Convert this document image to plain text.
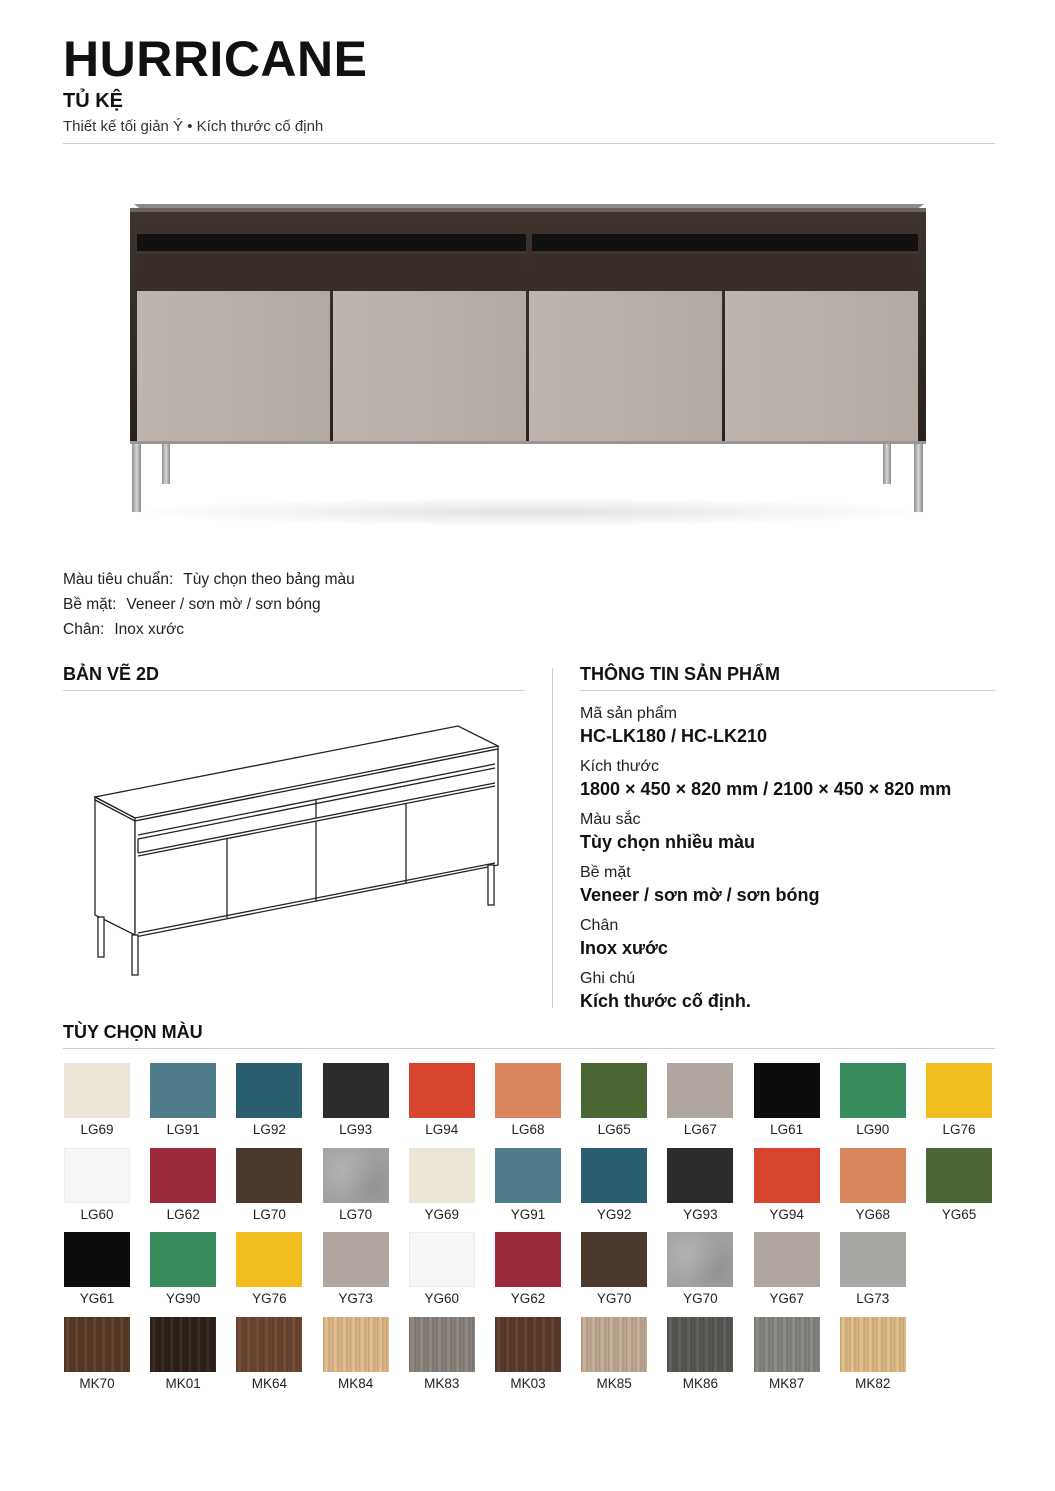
HURRICANE
TỦ KỆ
Thiết kế tối giản Ý • Kích thước cố định
Màu tiêu chuẩn: Tùy chọn theo bảng màu
Bề mặt: Veneer / sơn mờ / sơn bóng
Chân: Inox xước
BẢN VẼ 2D	THÔNG TIN SẢN PHẨM
Mã sản phẩm
HC-LK180 / HC-LK210
Kích thước
1800 × 450 × 820 mm / 2100 × 450 × 820 mm
Màu sắc
Tùy chọn nhiều màu
Bề mặt
Veneer / sơn mờ / sơn bóng
Chân
Inox xước
Ghi chú
Kích thước cố định.
TÙY CHỌN MÀU
LG69	LG91	LG92	LG93	LG94	LG68	LG65	LG67	LG61	LG90	LG76
LG60	LG62	LG70	LG70	YG69	YG91	YG92	YG93	YG94	YG68	YG65
YG61	YG90	YG76	YG73	YG60	YG62	YG70	YG70	YG67	LG73
MK70	MK01	MK64	MK84	MK83	MK03	MK85	MK86	MK87	MK82
